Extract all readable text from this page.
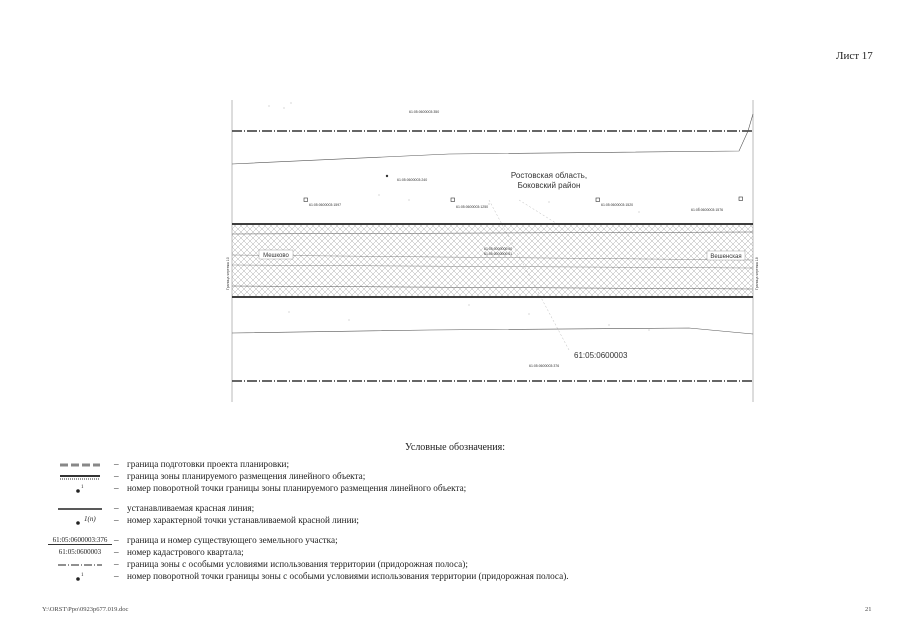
Лист 17
61:05:0600003:350
61:05:0600003:240	Ростовская область,
Боковский район
61:05:0600003:1597	61:05:0600003:1250	61:05:0600003:1520
61:05:0600003:1576
61:05:0000000:60
61:05:0000000:61
Мешково	Вешенская
Граница чертежа 10	Граница чертежа 18
61:05:0600003
61:05:0600003:376
Условные обозначения:
– граница подготовки проекта планировки;
– граница зоны планируемого размещения линейного объекта;
1	– номер поворотной точки границы зоны планируемого размещения линейного объекта;
– устанавливаемая красная линия;
1(n)	– номер характерной точки устанавливаемой красной линии;
61:05:0600003:376 – граница и номер существующего земельного участка;
61:05:0600003	– номер кадастрового квартала;
– граница зоны с особыми условиями использования территории (придорожная полоса);
1	– номер поворотной точки границы зоны с особыми условиями использования территории (придорожная полоса).
Y:\ORST\Ppo\0923p677.019.doc	21
